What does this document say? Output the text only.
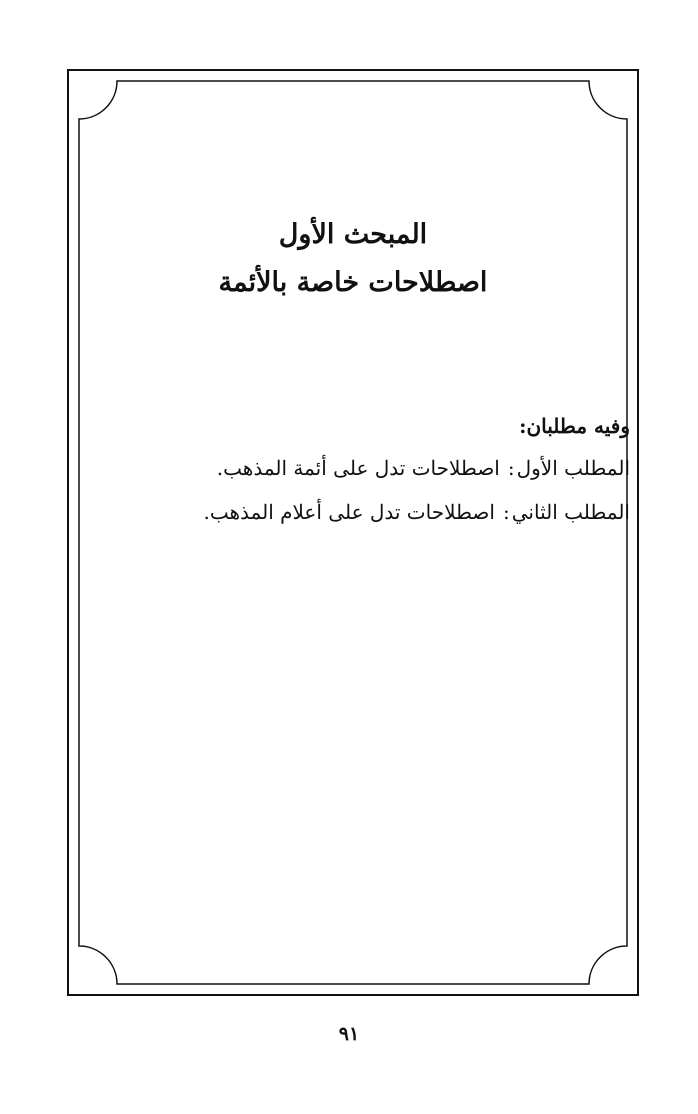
المبحث الأول
اصطلاحات خاصة بالأئمة
وفيه مطلبان:
المطلب الأول:اصطلاحات تدل على أئمة المذهب.
المطلب الثاني:اصطلاحات تدل على أعلام المذهب.
٩١
